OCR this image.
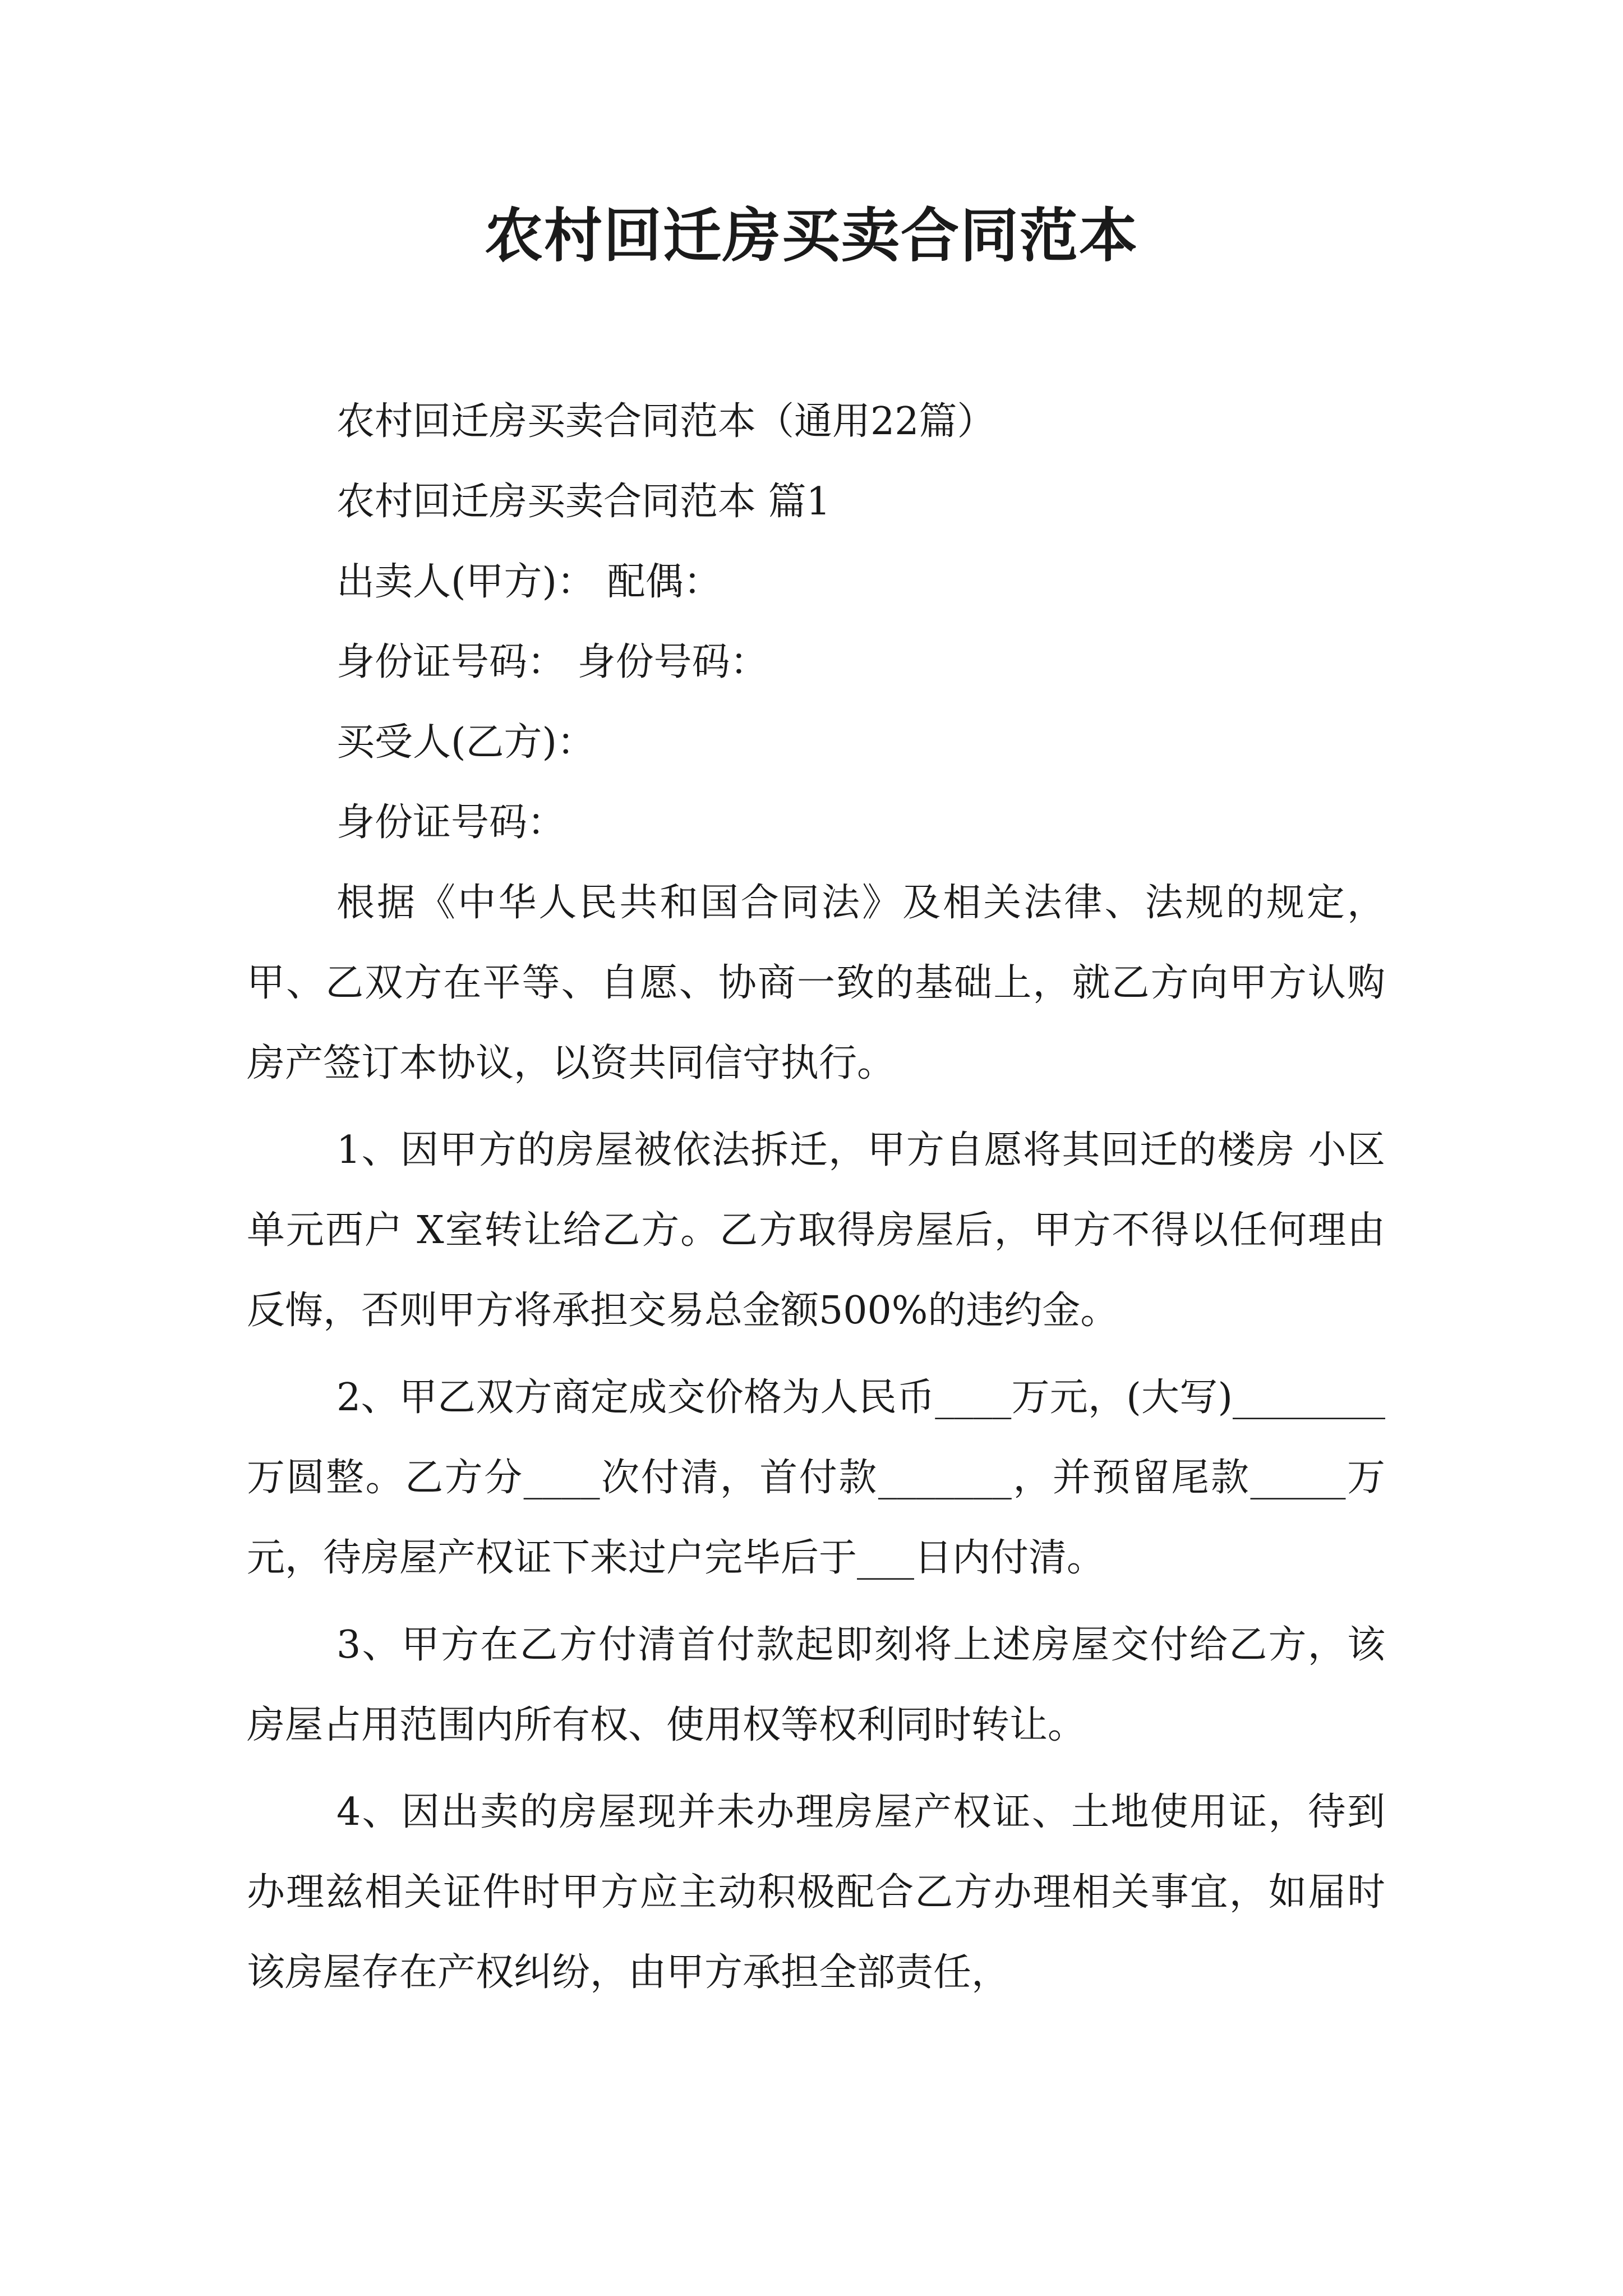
农村回迁房买卖合同范本
农村回迁房买卖合同范本（通用22篇）
农村回迁房买卖合同范本 篇1
出卖人(甲方)： 配偶：
身份证号码： 身份号码：
买受人(乙方)：
身份证号码：

根据《中华人民共和国合同法》及相关法律、法规的规定，甲、乙双方在平等、自愿、协商一致的基础上，就乙方向甲方认购房产签订本协议，以资共同信守执行。

1、因甲方的房屋被依法拆迁，甲方自愿将其回迁的楼房 小区 单元西户 X室转让给乙方。乙方取得房屋后，甲方不得以任何理由反悔，否则甲方将承担交易总金额500%的违约金。

2、甲乙双方商定成交价格为人民币____万元，(大写)________万圆整。乙方分____次付清，首付款_______，并预留尾款_____万元，待房屋产权证下来过户完毕后于___日内付清。

3、甲方在乙方付清首付款起即刻将上述房屋交付给乙方，该房屋占用范围内所有权、使用权等权利同时转让。

4、因出卖的房屋现并未办理房屋产权证、土地使用证，待到办理兹相关证件时甲方应主动积极配合乙方办理相关事宜，如届时该房屋存在产权纠纷，由甲方承担全部责任，
